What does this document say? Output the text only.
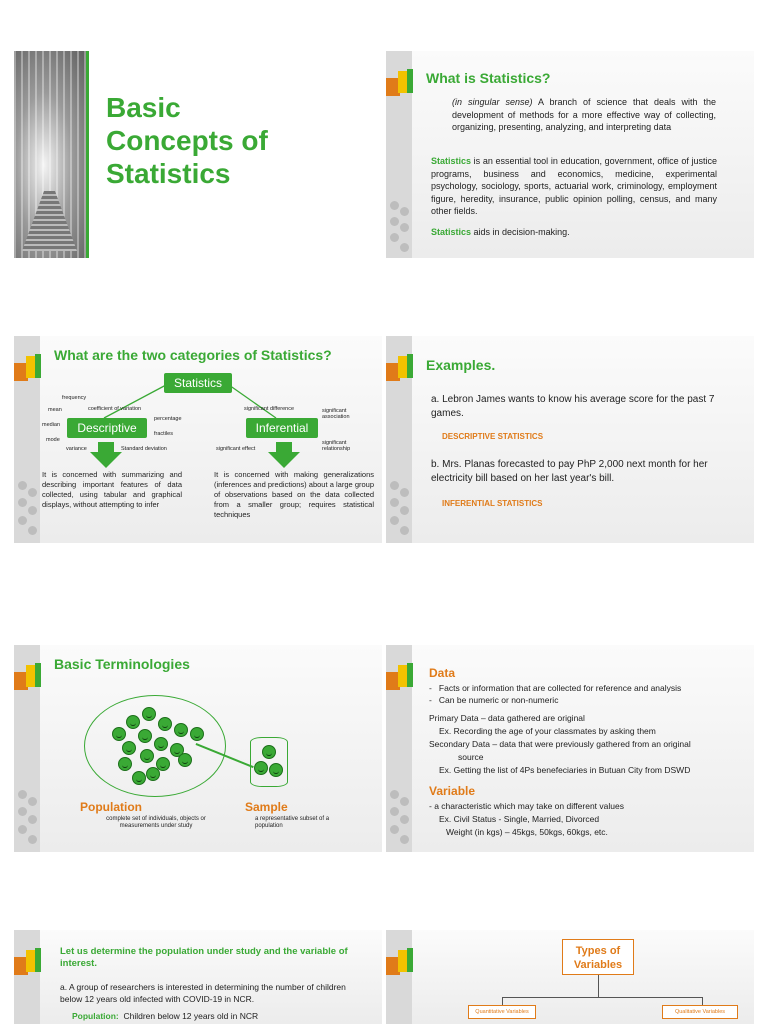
Basic
Concepts of
Statistics
What is Statistics?
(in singular sense) A branch of science that deals with the development of methods for a more effective way of collecting, organizing, presenting, analyzing, and interpreting data
Statistics is an essential tool in education, government, office of justice programs, business and economics, medicine, experimental psychology, sociology, sports, actuarial work, criminology, employment figure, heredity, insurance, public opinion polling, census, and many other fields.
Statistics aids in decision-making.
What are the two categories of Statistics?
Statistics
Descriptive	Inferential
frequency
coefficient of variation
mean
percentage
median
fractiles
mode
variance	Standard deviation
significant difference	significant association
significant effect
significant relationship
It is concerned with summarizing and describing important features of data collected, using tabular and graphical displays, without attempting to infer
It is concerned with making generalizations (inferences and predictions) about a large group of observations based on the data collected from a smaller group; requires statistical techniques
Examples.
a. Lebron James wants to know his average score for the past 7 games.
DESCRIPTIVE STATISTICS
b. Mrs. Planas forecasted to pay PhP 2,000 next month for her electricity bill based on her last year's bill.
INFERENTIAL STATISTICS
Basic Terminologies
Population
complete set of individuals, objects or measurements under study
Sample
a representative subset of a population
Data
-   Facts or information that are collected for reference and analysis
-   Can be numeric or non-numeric
Primary Data – data gathered are original
Ex. Recording the age of your classmates by asking them
Secondary Data – data that were previously gathered from an original
source
Ex. Getting the list of 4Ps benefeciaries in Butuan City from DSWD
Variable
- a characteristic which may take on different values
Ex. Civil Status - Single, Married, Divorced
Weight (in kgs) – 45kgs, 50kgs, 60kgs, etc.
Let us determine the population under study and the variable of interest.
a. A group of researchers is interested in determining the number of children below 12 years old infected with COVID-19 in NCR.
Population: Children below 12 years old in NCR
Types of Variables
Quantitative Variables	Qualitative Variables
